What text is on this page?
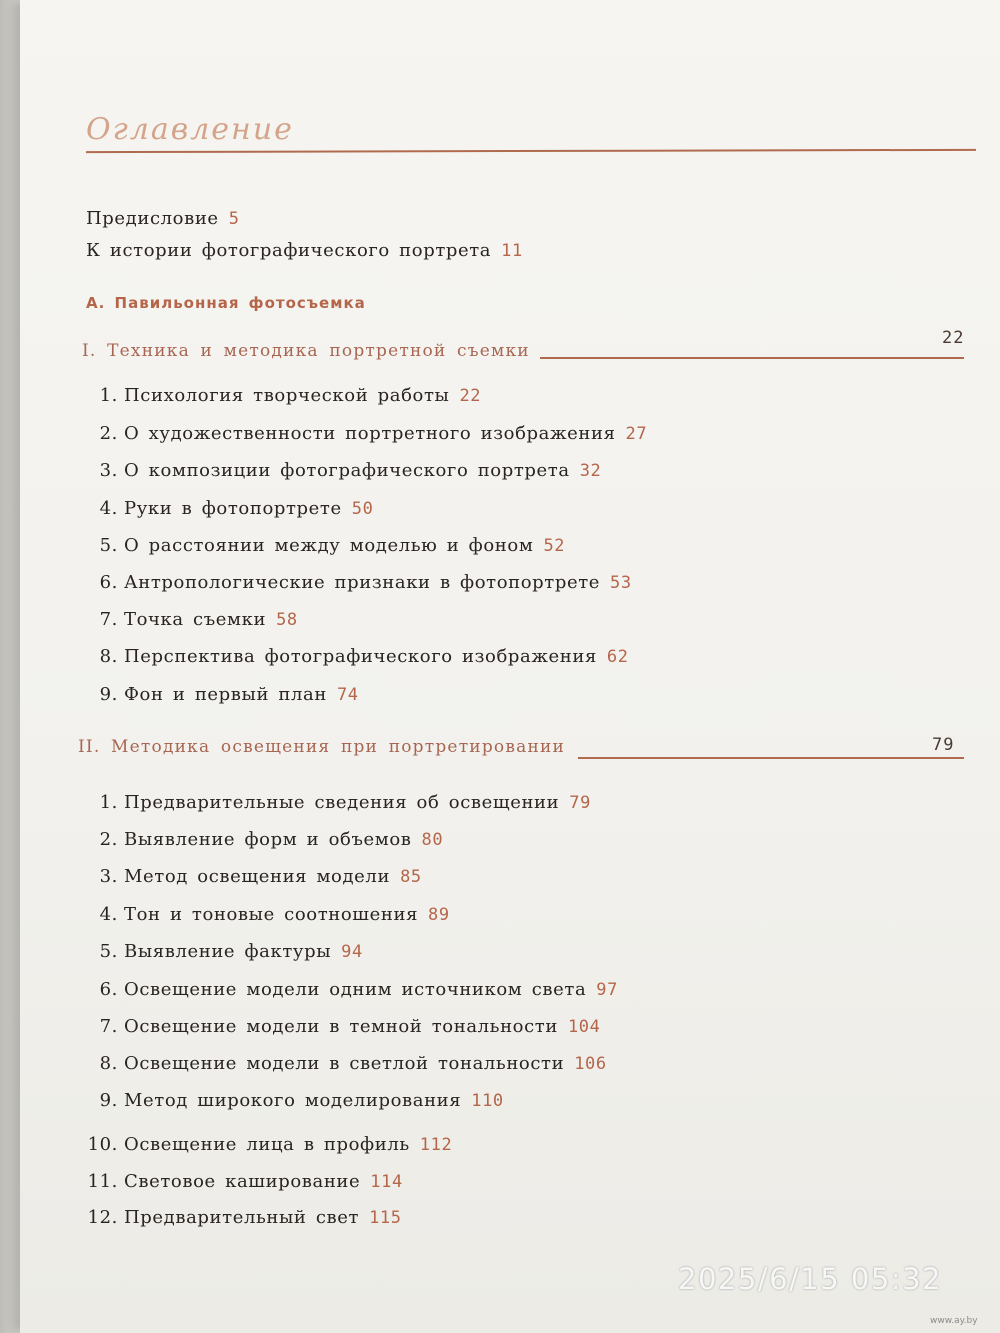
Оглавление
Предисловие 5
К истории фотографического портрета 11
А. Павильонная фотосъемка
I. Техника и методика портретной съемки
22
1. Психология творческой работы 22
2. О художественности портретного изображения 27
3. О композиции фотографического портрета 32
4. Руки в фотопортрете 50
5. О расстоянии между моделью и фоном 52
6. Антропологические признаки в фотопортрете 53
7. Точка съемки 58
8. Перспектива фотографического изображения 62
9. Фон и первый план 74
II. Методика освещения при портретировании	79
1. Предварительные сведения об освещении 79
2. Выявление форм и объемов 80
3. Метод освещения модели 85
4. Тон и тоновые соотношения 89
5. Выявление фактуры 94
6. Освещение модели одним источником света 97
7. Освещение модели в темной тональности 104
8. Освещение модели в светлой тональности 106
9. Метод широкого моделирования 110
10. Освещение лица в профиль 112
11. Световое каширование 114
12. Предварительный свет 115
2025/6/15 05:32
www.ay.by
